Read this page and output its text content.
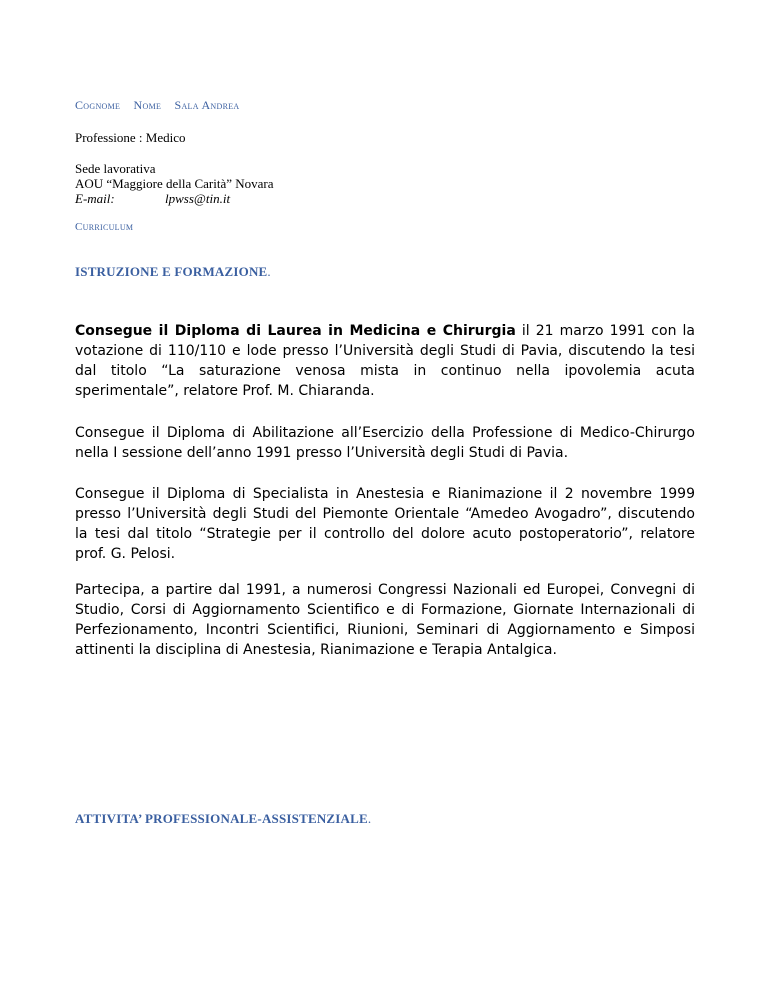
Cognome Nome Sala Andrea
Professione : Medico
Sede lavorativa
AOU “Maggiore della Carità” Novara
E-mail:	lpwss@tin.it
Curriculum
ISTRUZIONE E FORMAZIONE.

Consegue il Diploma di Laurea in Medicina e Chirurgia il 21 marzo 1991 con la votazione di 110/110 e lode presso l’Università degli Studi di Pavia, discutendo la tesi dal titolo “La saturazione venosa mista in continuo nella ipovolemia acuta sperimentale”, relatore Prof. M. Chiaranda.

Consegue il Diploma di Abilitazione all’Esercizio della Professione di Medico-Chirurgo nella I sessione dell’anno 1991 presso l’Università degli Studi di Pavia.

Consegue il Diploma di Specialista in Anestesia e Rianimazione il 2 novembre 1999 presso l’Università degli Studi del Piemonte Orientale “Amedeo Avogadro”, discutendo la tesi dal titolo “Strategie per il controllo del dolore acuto postoperatorio”, relatore prof. G. Pelosi.

Partecipa, a partire dal 1991, a numerosi Congressi Nazionali ed Europei, Convegni di Studio, Corsi di Aggiornamento Scientifico e di Formazione, Giornate Internazionali di Perfezionamento, Incontri Scientifici, Riunioni, Seminari di Aggiornamento e Simposi attinenti la disciplina di Anestesia, Rianimazione e Terapia Antalgica.

ATTIVITA’ PROFESSIONALE-ASSISTENZIALE.
